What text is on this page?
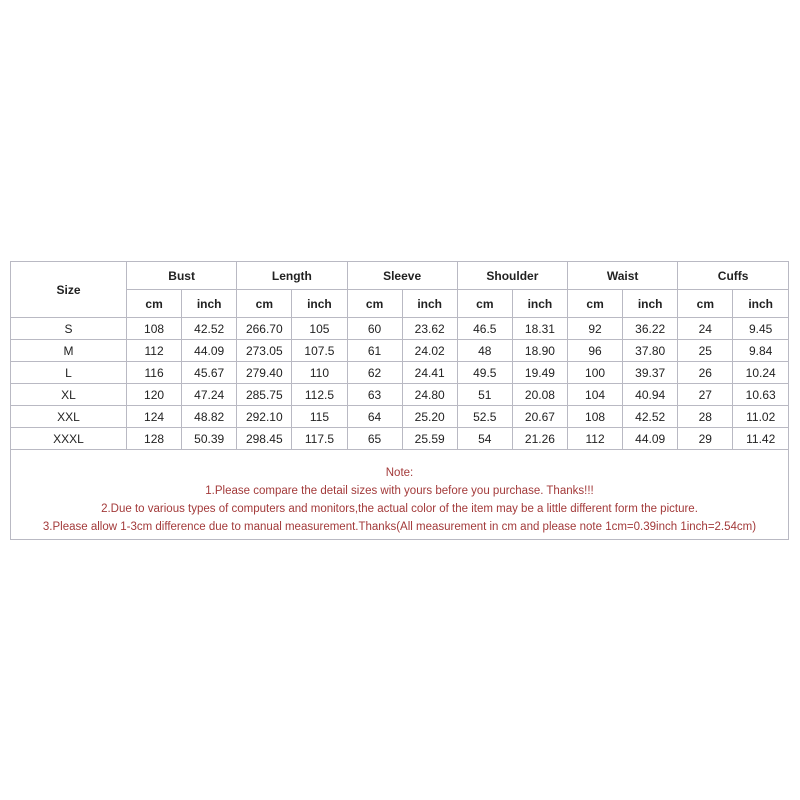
Size	Bust		Length		Sleeve		Shoulder		Waist		Cuffs	
	cm	inch	cm	inch	cm	inch	cm	inch	cm	inch	cm	inch
S	108	42.52	266.70	105	60	23.62	46.5	18.31	92	36.22	24	9.45
M	112	44.09	273.05	107.5	61	24.02	48	18.90	96	37.80	25	9.84
L	116	45.67	279.40	110	62	24.41	49.5	19.49	100	39.37	26	10.24
XL	120	47.24	285.75	112.5	63	24.80	51	20.08	104	40.94	27	10.63
XXL	124	48.82	292.10	115	64	25.20	52.5	20.67	108	42.52	28	11.02
XXXL	128	50.39	298.45	117.5	65	25.59	54	21.26	112	44.09	29	11.42
Note:
1.Please compare the detail sizes with yours before you purchase. Thanks!!!
2.Due to various types of computers and monitors,the actual color of the item may be a little different form the picture.
3.Please allow 1-3cm difference due to manual measurement.Thanks(All measurement in cm and please note 1cm=0.39inch 1inch=2.54cm)
